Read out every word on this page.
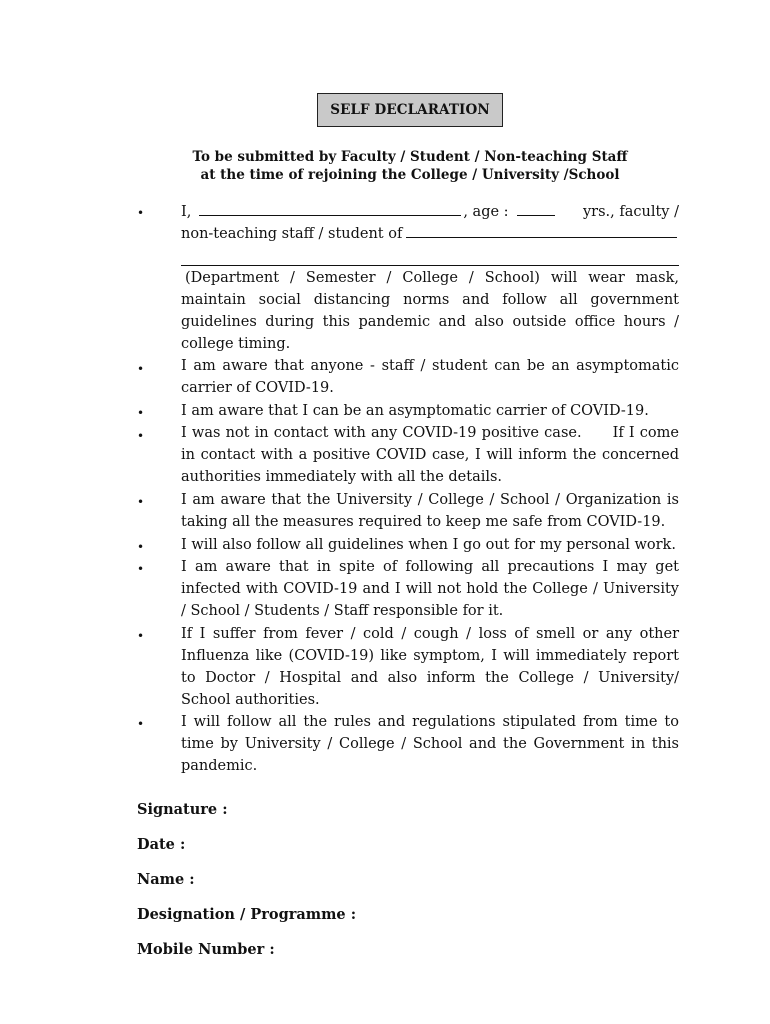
SELF DECLARATION
To be submitted by Faculty / Student / Non-teaching Staff
at the time of rejoining the College / University /School
•	I,	, age :	yrs., faculty /
non-teaching staff / student of
(Department / Semester / College / School) will wear mask, maintain social distancing norms and follow all government guidelines during this pandemic and also outside office hours / college timing.
•	I am aware that anyone - staff / student can be an asymptomatic carrier of COVID-19.
•	I am aware that I can be an asymptomatic carrier of COVID-19.
•	I was not in contact with any COVID-19 positive case.      If I come in contact with a positive COVID case, I will inform the concerned authorities immediately with all the details.
•	I am aware that the University / College / School / Organization is taking all the measures required to keep me safe from COVID-19.
•	I will also follow all guidelines when I go out for my personal work.
•	I am aware that in spite of following all precautions I may get infected with COVID-19 and I will not hold the College / University / School / Students / Staff responsible for it.
•	If I suffer from fever / cold / cough / loss of smell or any other Influenza like (COVID-19) like symptom, I will immediately report to Doctor / Hospital and also inform the College / University/ School authorities.
•	I will follow all the rules and regulations stipulated from time to time by University / College / School and the Government in this pandemic.
Signature :
Date :
Name :
Designation / Programme :
Mobile Number :
